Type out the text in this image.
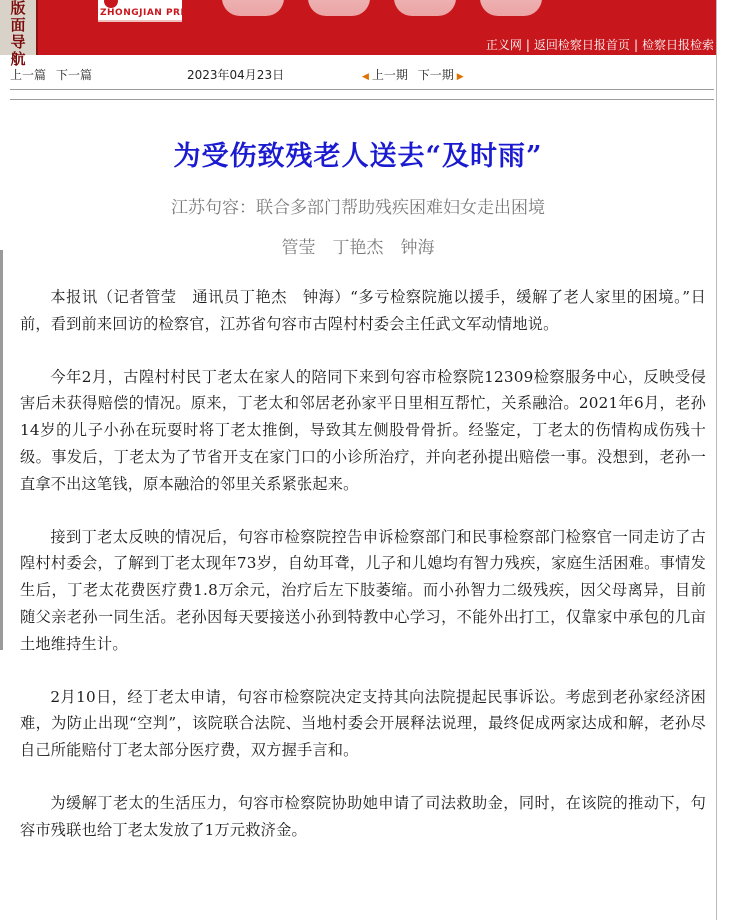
版面导航
ZHONGJIAN PRESS
正义网 | 返回检察日报首页 | 检察日报检索
上一篇 下一篇	2023年04月23日	◀ 上一期 下一期 ▶
为受伤致残老人送去“及时雨”
江苏句容：联合多部门帮助残疾困难妇女走出困境
管莹　丁艳杰　钟海

本报讯（记者管莹　通讯员丁艳杰　钟海）“多亏检察院施以援手，缓解了老人家里的困境。”日前，看到前来回访的检察官，江苏省句容市古隍村村委会主任武文军动情地说。

今年2月，古隍村村民丁老太在家人的陪同下来到句容市检察院12309检察服务中心，反映受侵害后未获得赔偿的情况。原来，丁老太和邻居老孙家平日里相互帮忙，关系融洽。2021年6月，老孙14岁的儿子小孙在玩耍时将丁老太推倒，导致其左侧股骨骨折。经鉴定，丁老太的伤情构成伤残十级。事发后，丁老太为了节省开支在家门口的小诊所治疗，并向老孙提出赔偿一事。没想到，老孙一直拿不出这笔钱，原本融洽的邻里关系紧张起来。

接到丁老太反映的情况后，句容市检察院控告申诉检察部门和民事检察部门检察官一同走访了古隍村村委会，了解到丁老太现年73岁，自幼耳聋，儿子和儿媳均有智力残疾，家庭生活困难。事情发生后，丁老太花费医疗费1.8万余元，治疗后左下肢萎缩。而小孙智力二级残疾，因父母离异，目前随父亲老孙一同生活。老孙因每天要接送小孙到特教中心学习，不能外出打工，仅靠家中承包的几亩土地维持生计。

2月10日，经丁老太申请，句容市检察院决定支持其向法院提起民事诉讼。考虑到老孙家经济困难，为防止出现“空判”，该院联合法院、当地村委会开展释法说理，最终促成两家达成和解，老孙尽自己所能赔付丁老太部分医疗费，双方握手言和。

为缓解丁老太的生活压力，句容市检察院协助她申请了司法救助金，同时，在该院的推动下，句容市残联也给丁老太发放了1万元救济金。
